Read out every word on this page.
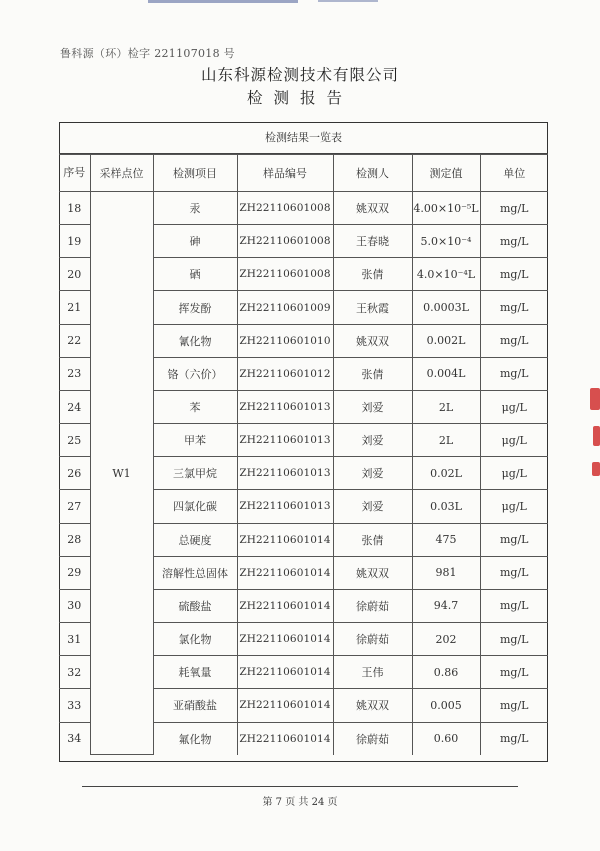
鲁科源（环）检字 221107018 号
山东科源检测技术有限公司
检测报告
检测结果一览表
序号	采样点位	检测项目	样品编号	检测人	测定值	单位
18	W1	汞	ZH22110601008	姚双双	4.00×10⁻⁵L	mg/L
19		砷	ZH22110601008	王春晓	5.0×10⁻⁴	mg/L
20		硒	ZH22110601008	张倩	4.0×10⁻⁴L	mg/L
21		挥发酚	ZH22110601009	王秋霞	0.0003L	mg/L
22		氰化物	ZH22110601010	姚双双	0.002L	mg/L
23		铬（六价）	ZH22110601012	张倩	0.004L	mg/L
24		苯	ZH22110601013	刘爱	2L	μg/L
25		甲苯	ZH22110601013	刘爱	2L	μg/L
26		三氯甲烷	ZH22110601013	刘爱	0.02L	μg/L
27		四氯化碳	ZH22110601013	刘爱	0.03L	μg/L
28		总硬度	ZH22110601014	张倩	475	mg/L
29		溶解性总固体	ZH22110601014	姚双双	981	mg/L
30		硫酸盐	ZH22110601014	徐蔚茹	94.7	mg/L
31		氯化物	ZH22110601014	徐蔚茹	202	mg/L
32		耗氧量	ZH22110601014	王伟	0.86	mg/L
33		亚硝酸盐	ZH22110601014	姚双双	0.005	mg/L
34		氟化物	ZH22110601014	徐蔚茹	0.60	mg/L
第 7 页 共 24 页
